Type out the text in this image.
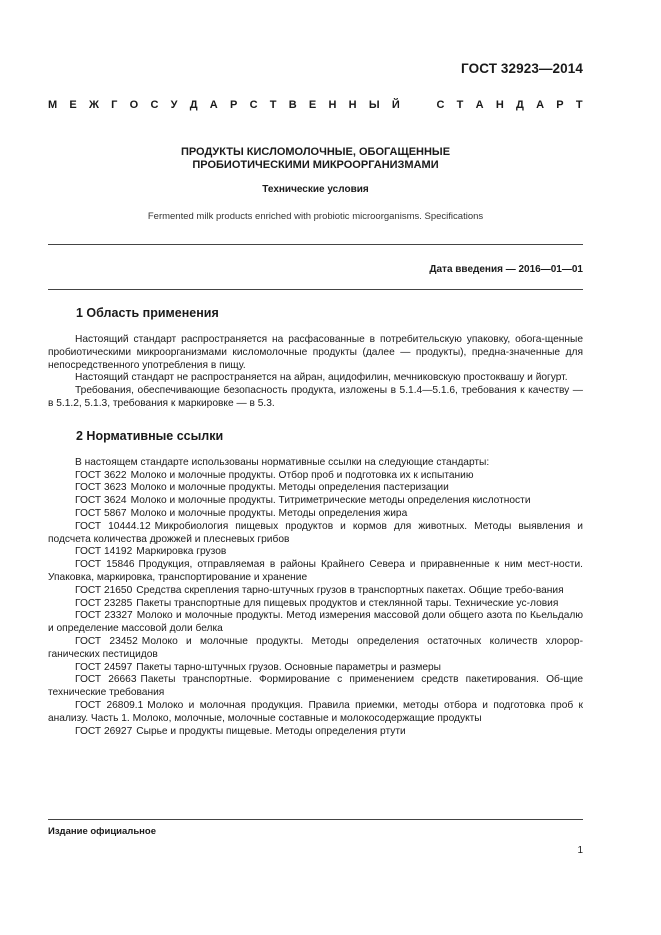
ГОСТ 32923—2014
М Е Ж Г О С У Д А Р С Т В Е Н Н Ы Й	С Т А Н Д А Р Т
ПРОДУКТЫ КИСЛОМОЛОЧНЫЕ, ОБОГАЩЕННЫЕ
ПРОБИОТИЧЕСКИМИ МИКРООРГАНИЗМАМИ
Технические условия
Fermented milk products enriched with probiotic microorganisms. Specifications
Дата введения — 2016—01—01
1 Область применения

Настоящий стандарт распространяется на расфасованные в потребительскую упаковку, обога-щенные пробиотическими микроорганизмами кисломолочные продукты (далее — продукты), предна-значенные для непосредственного употребления в пищу.

Настоящий стандарт не распространяется на айран, ацидофилин, мечниковскую простоквашу и йогурт.

Требования, обеспечивающие безопасность продукта, изложены в 5.1.4—5.1.6, требования к качеству — в 5.1.2, 5.1.3, требования к маркировке — в 5.3.

2 Нормативные ссылки

В настоящем стандарте использованы нормативные ссылки на следующие стандарты:

ГОСТ 3622 Молоко и молочные продукты. Отбор проб и подготовка их к испытанию

ГОСТ 3623 Молоко и молочные продукты. Методы определения пастеризации

ГОСТ 3624 Молоко и молочные продукты. Титриметрические методы определения кислотности

ГОСТ 5867 Молоко и молочные продукты. Методы определения жира

ГОСТ 10444.12 Микробиология пищевых продуктов и кормов для животных. Методы выявления и подсчета количества дрожжей и плесневых грибов

ГОСТ 14192 Маркировка грузов

ГОСТ 15846 Продукция, отправляемая в районы Крайнего Севера и приравненные к ним мест-ности. Упаковка, маркировка, транспортирование и хранение

ГОСТ 21650 Средства скрепления тарно-штучных грузов в транспортных пакетах. Общие требо-вания

ГОСТ 23285 Пакеты транспортные для пищевых продуктов и стеклянной тары. Технические ус-ловия

ГОСТ 23327 Молоко и молочные продукты. Метод измерения массовой доли общего азота по Кьельдалю и определение массовой доли белка

ГОСТ 23452 Молоко и молочные продукты. Методы определения остаточных количеств хлорор-ганических пестицидов

ГОСТ 24597 Пакеты тарно-штучных грузов. Основные параметры и размеры

ГОСТ 26663 Пакеты транспортные. Формирование с применением средств пакетирования. Об-щие технические требования

ГОСТ 26809.1 Молоко и молочная продукция. Правила приемки, методы отбора и подготовка проб к анализу. Часть 1. Молоко, молочные, молочные составные и молокосодержащие продукты

ГОСТ 26927 Сырье и продукты пищевые. Методы определения ртути

Издание официальное
1
